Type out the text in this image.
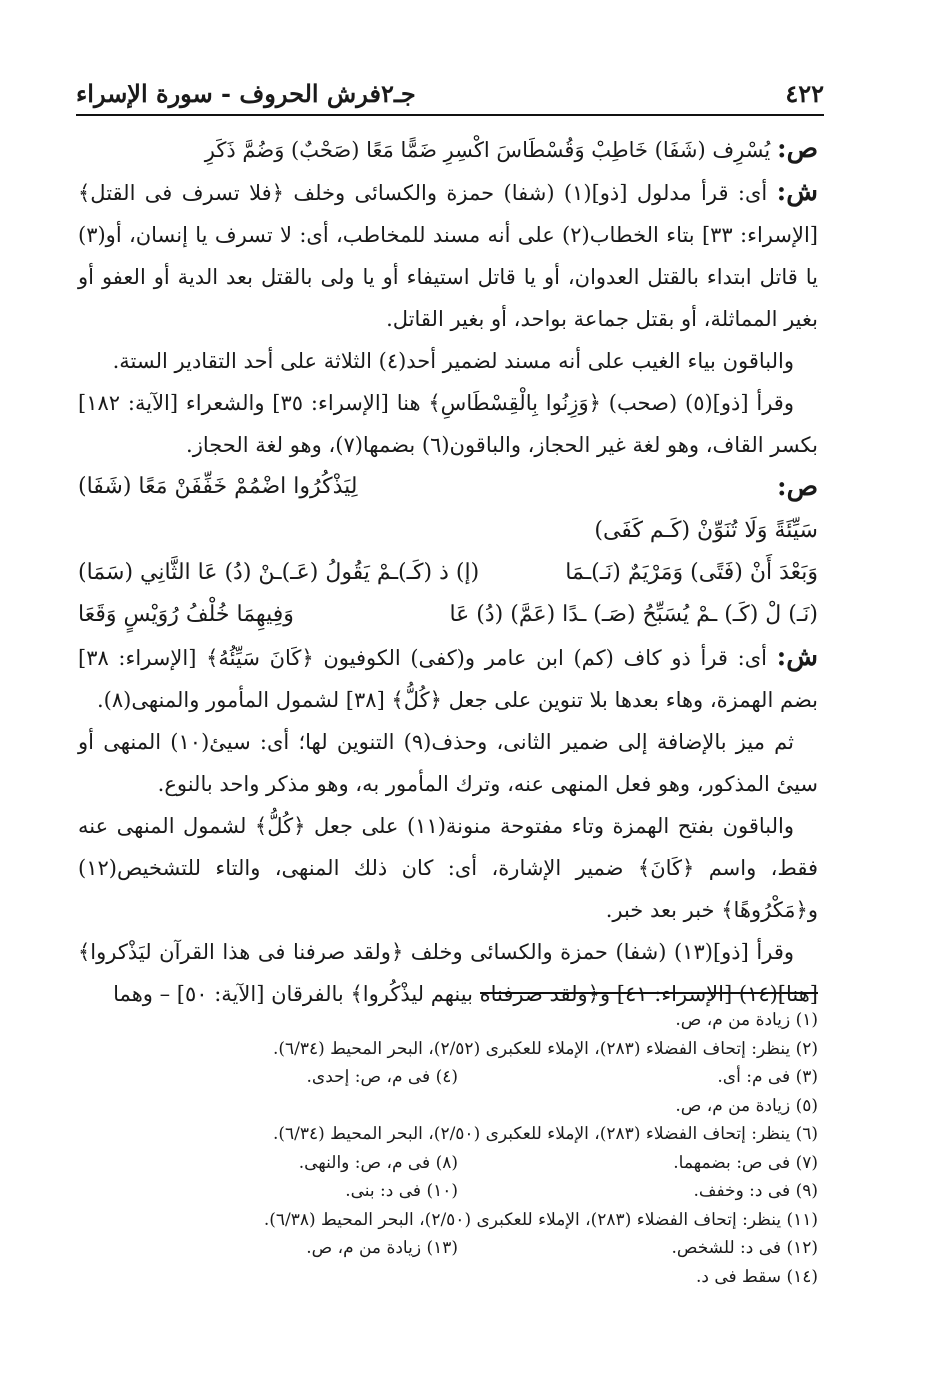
٤٢٢
جـ٢
فرش الحروف - سورة الإسراء

ص: يُسْرِف (شَفَا) خَاطِبْ وَقُسْطَاسَ اكْسِرِ ضَمًّا مَعًا (صَحْبٌ) وَضُمَّ ذَكَرِ

ش: أى: قرأ مدلول [ذو](١) (شفا) حمزة والكسائى وخلف ﴿فلا تسرف فى القتل﴾ [الإسراء: ٣٣] بتاء الخطاب(٢) على أنه مسند للمخاطب، أى: لا تسرف يا إنسان، أو(٣) يا قاتل ابتداء بالقتل العدوان، أو يا قاتل استيفاء أو يا ولى بالقتل بعد الدية أو العفو أو بغير المماثلة، أو بقتل جماعة بواحد، أو بغير القاتل.

والباقون بياء الغيب على أنه مسند لضمير أحد(٤) الثلاثة على أحد التقادير الستة.

وقرأ [ذو](٥) (صحب) ﴿وَزِنُوا بِالْقِسْطَاسِ﴾ هنا [الإسراء: ٣٥] والشعراء [الآية: ١٨٢] بكسر القاف، وهو لغة غير الحجاز، والباقون(٦) بضمها(٧)، وهو لغة الحجاز.

ص:
سَيِّئَةً وَلَا تُنَوِّنْ (كَـم كَفَى)
لِيَذْكُرُوا اضْمُمْ خَفِّفَنْ مَعًا (شَفَا)
وَبَعْدَ أَنْ (فَتًى) وَمَرْيَمٌ (نَـ)ـمَا
(إ) ذ (كَـ)ـمْ يَقُولُ (عَـ)ـنْ (دُ) عَا الثَّانِي (سَمَا)
(نَـ) لْ (كَـ) ـمْ يُسَبِّحُ (صَـ) ـدًا (عَمَّ) (دُ) عَا
وَفِيهِمَا خُلْفُ رُوَيْسٍ وَقَعَا

ش: أى: قرأ ذو كاف (كم) ابن عامر و(كفى) الكوفيون ﴿كَانَ سَيِّئُهُ﴾ [الإسراء: ٣٨] بضم الهمزة، وهاء بعدها بلا تنوين على جعل ﴿كُلُّ﴾ [٣٨] لشمول المأمور والمنهى(٨).

ثم ميز بالإضافة إلى ضمير الثانى، وحذف(٩) التنوين لها؛ أى: سيئ(١٠) المنهى أو سيئ المذكور، وهو فعل المنهى عنه، وترك المأمور به، وهو مذكر واحد بالنوع.

والباقون بفتح الهمزة وتاء مفتوحة منونة(١١) على جعل ﴿كُلُّ﴾ لشمول المنهى عنه فقط، واسم ﴿كَانَ﴾ ضمير الإشارة، أى: كان ذلك المنهى، والتاء للتشخيص(١٢) و﴿مَكْرُوهًا﴾ خبر بعد خبر.

وقرأ [ذو](١٣) (شفا) حمزة والكسائى وخلف ﴿ولقد صرفنا فى هذا القرآن ليَذْكروا﴾ [هنا](١٤) [الإسراء: ٤١] و﴿ولقد صرفناه بينهم ليذْكُروا﴾ بالفرقان [الآية: ٥٠] – وهما

(١) زيادة من م، ص.
(٢) ينظر: إتحاف الفضلاء (٢٨٣)، الإملاء للعكبرى (٢/٥٢)، البحر المحيط (٦/٣٤).
(٣) فى م: أى.
(٤) فى م، ص: إحدى.
(٥) زيادة من م، ص.
(٦) ينظر: إتحاف الفضلاء (٢٨٣)، الإملاء للعكبرى (٢/٥٠)، البحر المحيط (٦/٣٤).
(٧) فى ص: بضمهما.
(٨) فى م، ص: والنهى.
(٩) فى د: وخفف.
(١٠) فى د: بنى.
(١١) ينظر: إتحاف الفضلاء (٢٨٣)، الإملاء للعكبرى (٢/٥٠)، البحر المحيط (٦/٣٨).
(١٢) فى د: للشخص.
(١٣) زيادة من م، ص.
(١٤) سقط فى د.
